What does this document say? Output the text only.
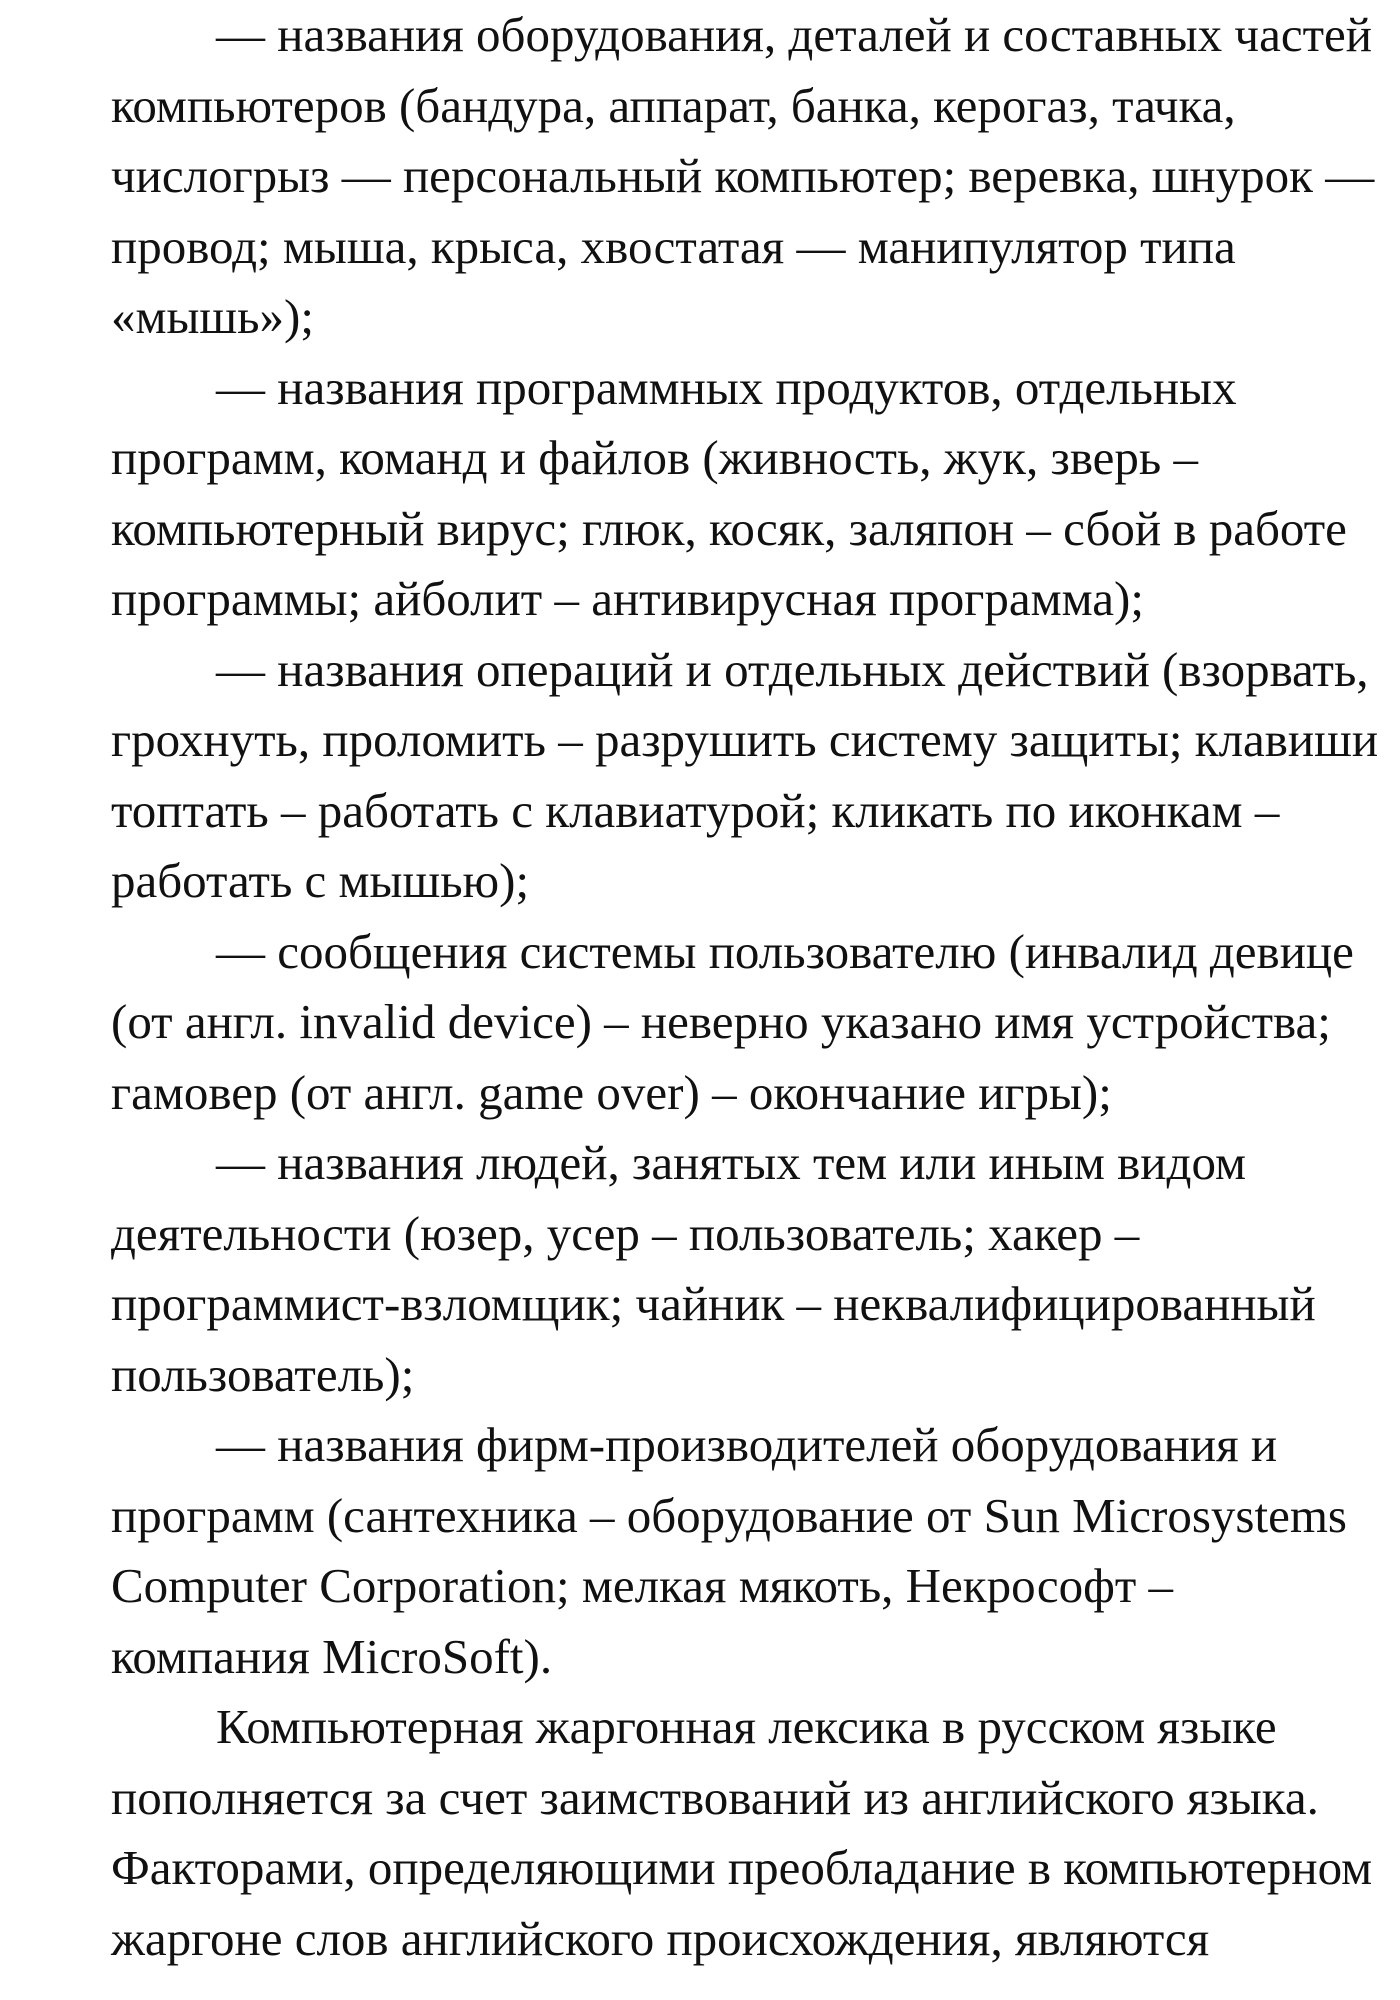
— названия оборудования, деталей и составных частей
компьютеров (бандура, аппарат, банка, керогаз, тачка,
числогрыз — персональный компьютер; веревка, шнурок —
провод; мыша, крыса, хвостатая — манипулятор типа
«мышь»);
— названия программных продуктов, отдельных
программ, команд и файлов (живность, жук, зверь –
компьютерный вирус; глюк, косяк, заляпон – сбой в работе
программы; айболит – антивирусная программа);
— названия операций и отдельных действий (взорвать,
грохнуть, проломить – разрушить систему защиты; клавиши
топтать – работать с клавиатурой; кликать по иконкам –
работать с мышью);
— сообщения системы пользователю (инвалид девице
(от англ. invalid device) – неверно указано имя устройства;
гамовер (от англ. game over) – окончание игры);
— названия людей, занятых тем или иным видом
деятельности (юзер, усер – пользователь; хакер –
программист-взломщик; чайник – неквалифицированный
пользователь);
— названия фирм-производителей оборудования и
программ (сантехника – оборудование от Sun Microsystems
Computer Corporation; мелкая мякоть, Некрософт –
компания MicroSoft).
Компьютерная жаргонная лексика в русском языке
пополняется за счет заимствований из английского языка.
Факторами, определяющими преобладание в компьютерном
жаргоне слов английского происхождения, являются
